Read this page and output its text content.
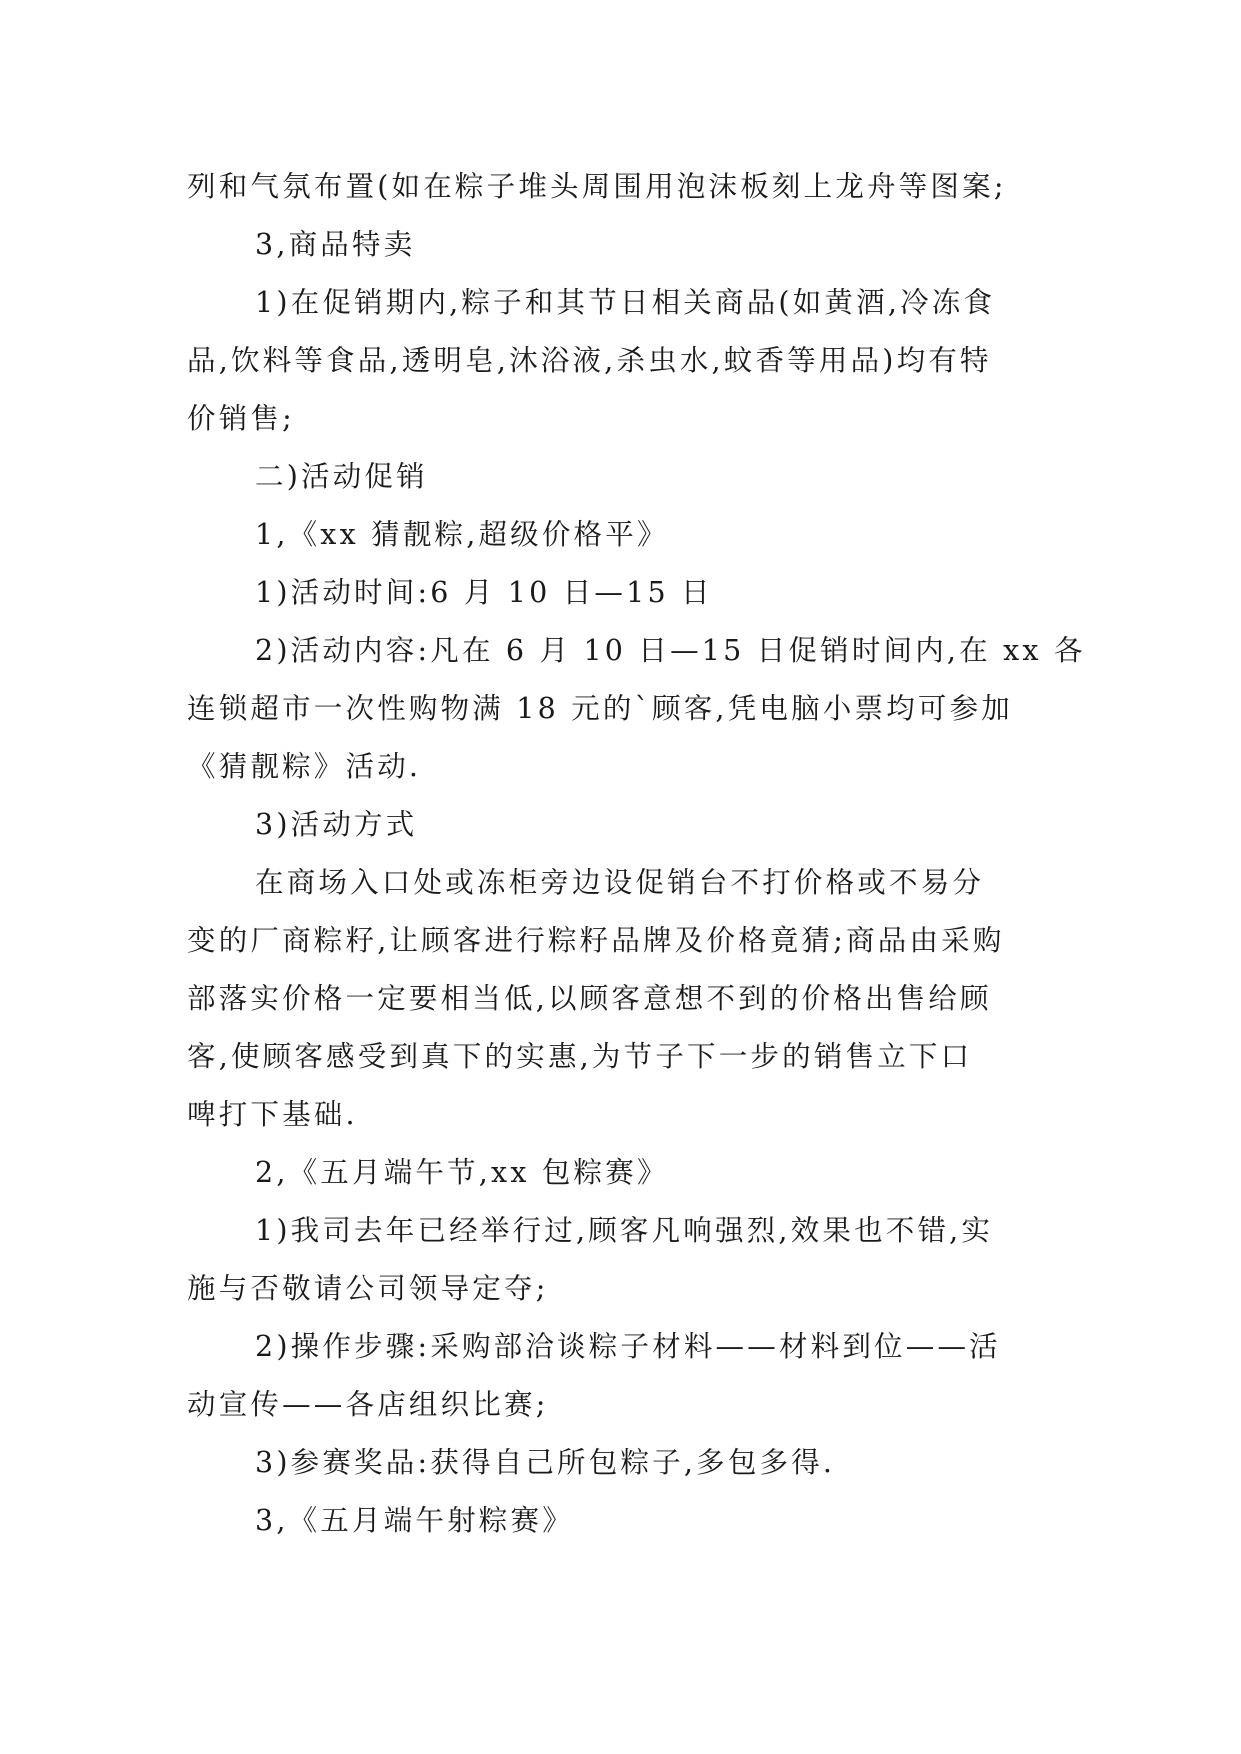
列和气氛布置(如在粽子堆头周围用泡沫板刻上龙舟等图案;

3,商品特卖

1)在促销期内,粽子和其节日相关商品(如黄酒,冷冻食

品,饮料等食品,透明皂,沐浴液,杀虫水,蚊香等用品)均有特

价销售;

二)活动促销

1,《xx 猜靓粽,超级价格平》

1)活动时间:6 月 10 日—15 日

2)活动内容:凡在 6 月 10 日—15 日促销时间内,在 xx 各

连锁超市一次性购物满 18 元的`顾客,凭电脑小票均可参加

《猜靓粽》活动.

3)活动方式

在商场入口处或冻柜旁边设促销台不打价格或不易分

变的厂商粽籽,让顾客进行粽籽品牌及价格竟猜;商品由采购

部落实价格一定要相当低,以顾客意想不到的价格出售给顾

客,使顾客感受到真下的实惠,为节子下一步的销售立下口

啤打下基础.

2,《五月端午节,xx 包粽赛》

1)我司去年已经举行过,顾客凡响强烈,效果也不错,实

施与否敬请公司领导定夺;

2)操作步骤:采购部洽谈粽子材料——材料到位——活

动宣传——各店组织比赛;

3)参赛奖品:获得自己所包粽子,多包多得.

3,《五月端午射粽赛》
